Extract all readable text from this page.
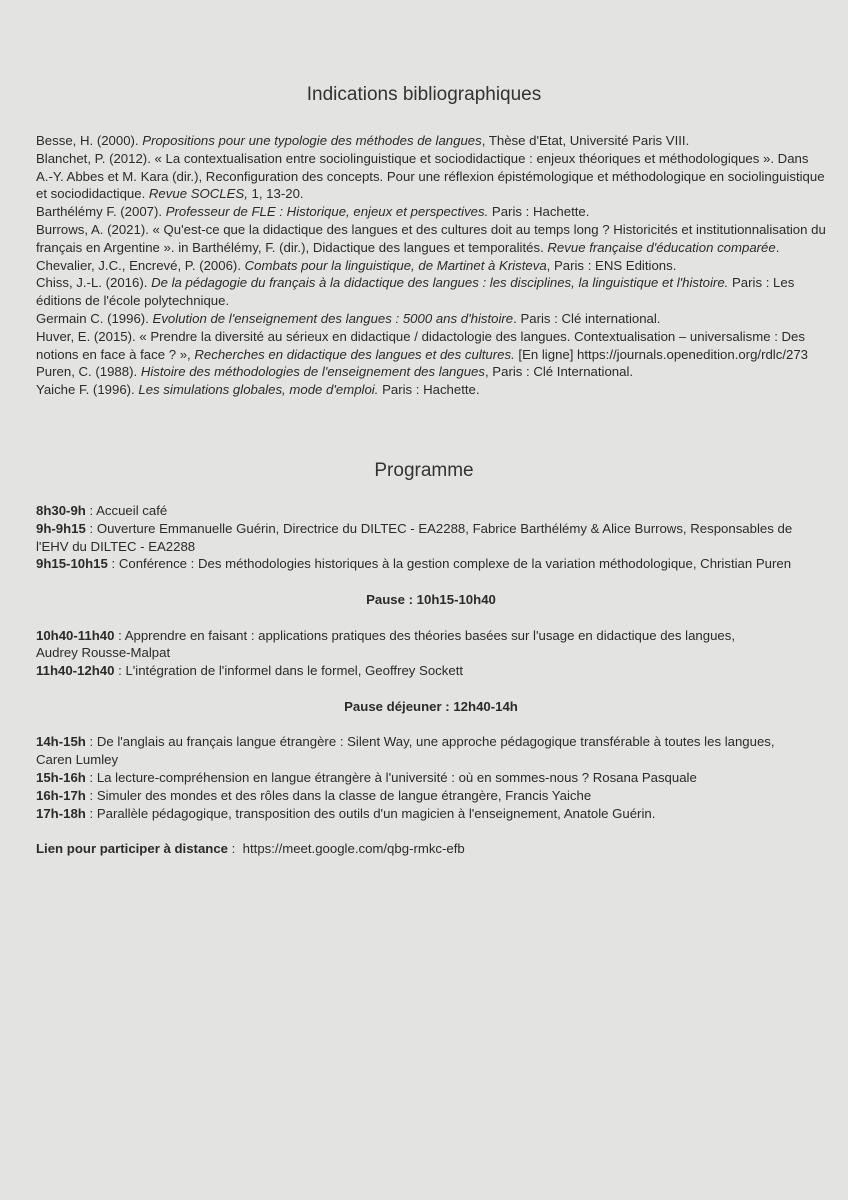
Indications bibliographiques

Besse, H. (2000). Propositions pour une typologie des méthodes de langues, Thèse d'Etat, Université Paris VIII.

Blanchet, P. (2012). « La contextualisation entre sociolinguistique et sociodidactique : enjeux théoriques et méthodologiques ». Dans A.-Y. Abbes et M. Kara (dir.), Reconfiguration des concepts. Pour une réflexion épistémologique et méthodologique en sociolinguistique et sociodidactique. Revue SOCLES, 1, 13-20.

Barthélémy F. (2007). Professeur de FLE : Historique, enjeux et perspectives. Paris : Hachette.

Burrows, A. (2021). « Qu'est-ce que la didactique des langues et des cultures doit au temps long ? Historicités et institutionnalisation du français en Argentine ». in Barthélémy, F. (dir.), Didactique des langues et temporalités. Revue française d'éducation comparée.

Chevalier, J.C., Encrevé, P. (2006). Combats pour la linguistique, de Martinet à Kristeva, Paris : ENS Editions.

Chiss, J.-L. (2016). De la pédagogie du français à la didactique des langues : les disciplines, la linguistique et l'histoire. Paris : Les éditions de l'école polytechnique.

Germain C. (1996). Evolution de l'enseignement des langues : 5000 ans d'histoire. Paris : Clé international.

Huver, E. (2015). « Prendre la diversité au sérieux en didactique / didactologie des langues. Contextualisation – universalisme : Des notions en face à face ? », Recherches en didactique des langues et des cultures. [En ligne] https://journals.openedition.org/rdlc/273

Puren, C. (1988). Histoire des méthodologies de l'enseignement des langues, Paris : Clé International.

Yaiche F. (1996). Les simulations globales, mode d'emploi. Paris : Hachette.

Programme

8h30-9h : Accueil café

9h-9h15 : Ouverture Emmanuelle Guérin, Directrice du DILTEC - EA2288, Fabrice Barthélémy & Alice Burrows, Responsables de l'EHV du DILTEC - EA2288

9h15-10h15 : Conférence : Des méthodologies historiques à la gestion complexe de la variation méthodologique, Christian Puren

Pause : 10h15-10h40

10h40-11h40 : Apprendre en faisant : applications pratiques des théories basées sur l'usage en didactique des langues,
Audrey Rousse-Malpat

11h40-12h40 : L'intégration de l'informel dans le formel, Geoffrey Sockett

Pause déjeuner : 12h40-14h

14h-15h : De l'anglais au français langue étrangère : Silent Way, une approche pédagogique transférable à toutes les langues,
Caren Lumley

15h-16h : La lecture-compréhension en langue étrangère à l'université : où en sommes-nous ? Rosana Pasquale

16h-17h : Simuler des mondes et des rôles dans la classe de langue étrangère, Francis Yaiche

17h-18h : Parallèle pédagogique, transposition des outils d'un magicien à l'enseignement, Anatole Guérin.

Lien pour participer à distance :  https://meet.google.com/qbg-rmkc-efb
